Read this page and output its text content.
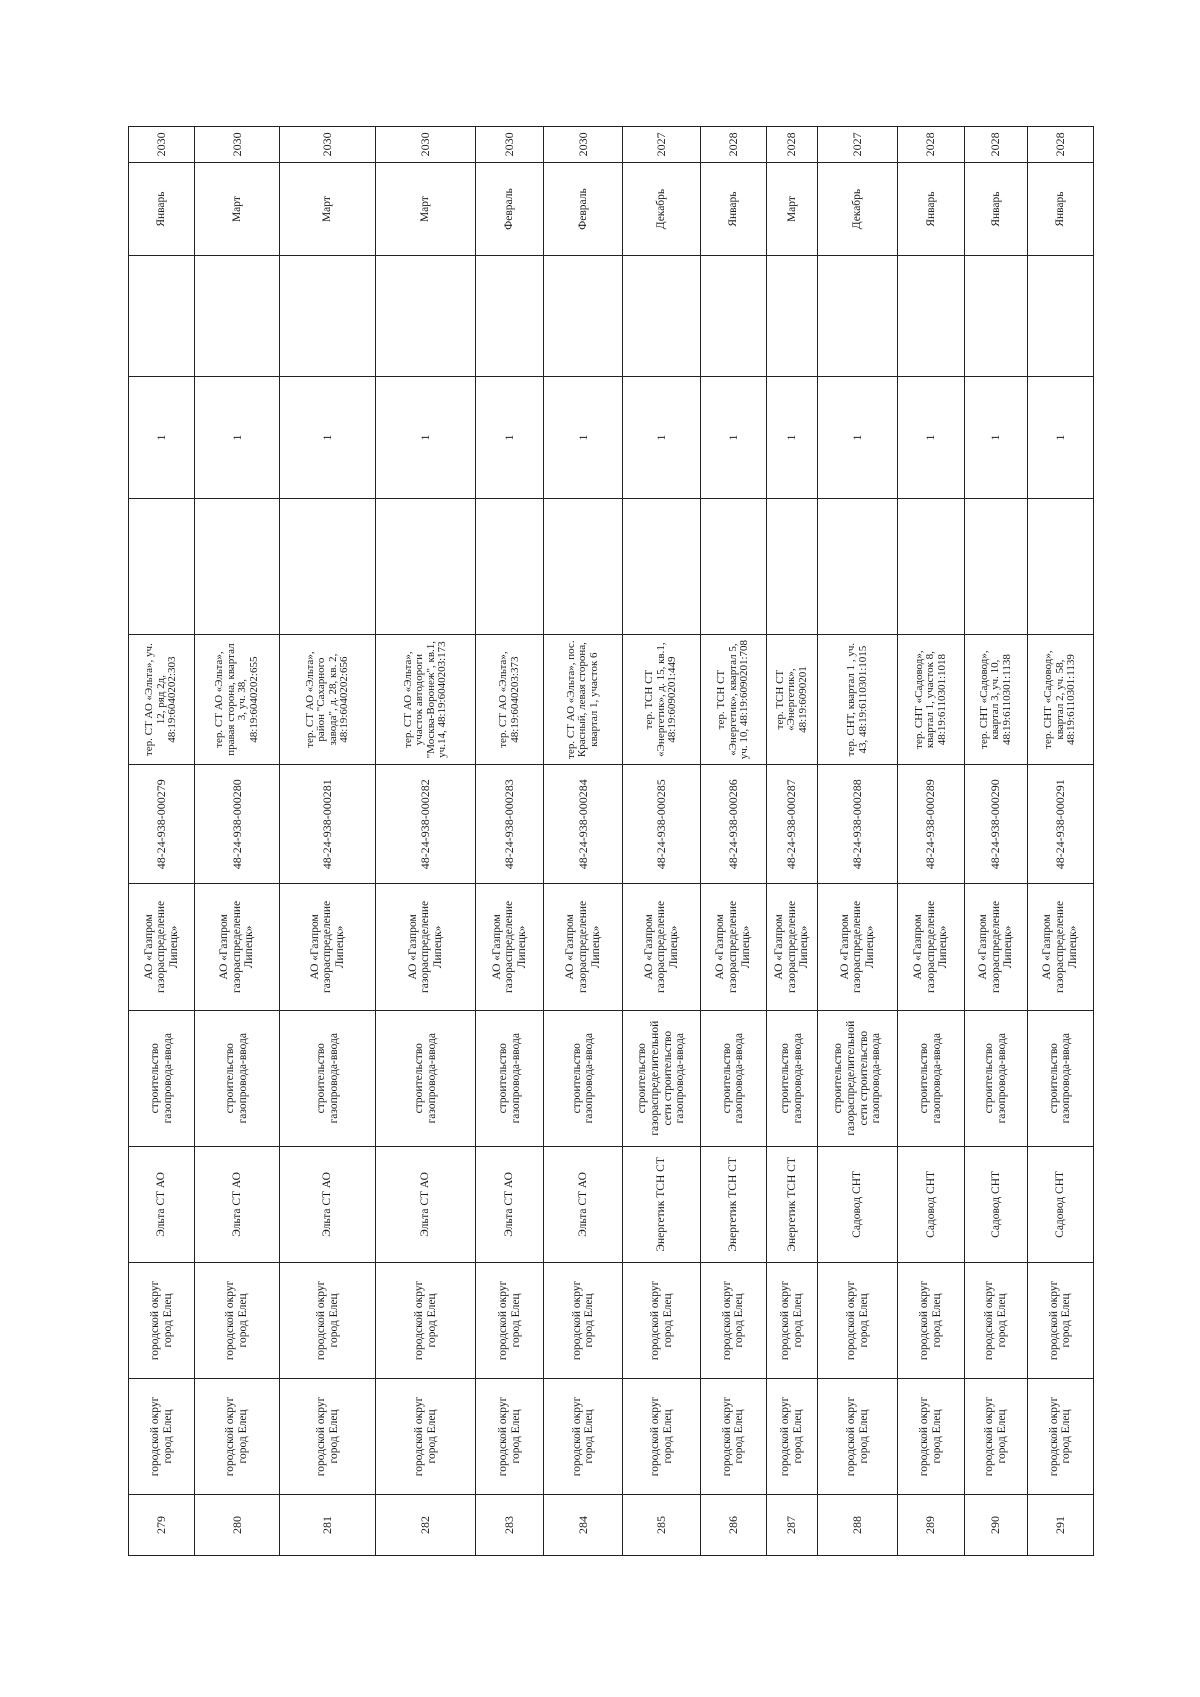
279	городской округ город Елец	городской округ город Елец	Эльта СТ АО	строительство газопровода-ввода	АО «Газпром газораспределение Липецк»	48-24-938-000279	тер. СТ АО «Эльта», уч. 12, ряд 2д, 48:19:6040202:303		1		Январь	2030
280	городской округ город Елец	городской округ город Елец	Эльта СТ АО	строительство газопровода-ввода	АО «Газпром газораспределение Липецк»	48-24-938-000280	тер. СТ АО «Эльта», правая сторона, квартал 3, уч. 38, 48:19:6040202:655		1		Март	2030
281	городской округ город Елец	городской округ город Елец	Эльта СТ АО	строительство газопровода-ввода	АО «Газпром газораспределение Липецк»	48-24-938-000281	тер. СТ АО «Эльта», район "Сахарного завода", д. 28, кв. 2, 48:19:6040202:656		1		Март	2030
282	городской округ город Елец	городской округ город Елец	Эльта СТ АО	строительство газопровода-ввода	АО «Газпром газораспределение Липецк»	48-24-938-000282	тер. СТ АО «Эльта», участок автодороги "Москва-Воронеж", кв.1, уч.14, 48:19:6040203:173		1		Март	2030
283	городской округ город Елец	городской округ город Елец	Эльта СТ АО	строительство газопровода-ввода	АО «Газпром газораспределение Липецк»	48-24-938-000283	тер. СТ АО «Эльта», 48:19:6040203:373		1		Февраль	2030
284	городской округ город Елец	городской округ город Елец	Эльта СТ АО	строительство газопровода-ввода	АО «Газпром газораспределение Липецк»	48-24-938-000284	тер. СТ АО «Эльта», пос. Красный, левая сторона, квартал 1, участок 6		1		Февраль	2030
285	городской округ город Елец	городской округ город Елец	Энергетик ТСН СТ	строительство газораспределительной сети строительство газопровода-ввода	АО «Газпром газораспределение Липецк»	48-24-938-000285	тер. ТСН СТ «Энергетик», д. 15, кв.1, 48:19:6090201:449		1		Декабрь	2027
286	городской округ город Елец	городской округ город Елец	Энергетик ТСН СТ	строительство газопровода-ввода	АО «Газпром газораспределение Липецк»	48-24-938-000286	тер. ТСН СТ «Энергетик», квартал 5, уч. 10, 48:19:6090201:708		1		Январь	2028
287	городской округ город Елец	городской округ город Елец	Энергетик ТСН СТ	строительство газопровода-ввода	АО «Газпром газораспределение Липецк»	48-24-938-000287	тер. ТСН СТ «Энергетик», 48:19:6090201		1		Март	2028
288	городской округ город Елец	городской округ город Елец	Садовод СНТ	строительство газораспределительной сети строительство газопровода-ввода	АО «Газпром газораспределение Липецк»	48-24-938-000288	тер. СНТ, квартал 1 , уч. 43, 48:19:6110301:1015		1		Декабрь	2027
289	городской округ город Елец	городской округ город Елец	Садовод СНТ	строительство газопровода-ввода	АО «Газпром газораспределение Липецк»	48-24-938-000289	тер. СНТ «Садовод», квартал 1, участок 8, 48:19:6110301:1018		1		Январь	2028
290	городской округ город Елец	городской округ город Елец	Садовод СНТ	строительство газопровода-ввода	АО «Газпром газораспределение Липецк»	48-24-938-000290	тер. СНТ «Садовод», квартал 3, уч. 10, 48:19:6110301:1138		1		Январь	2028
291	городской округ город Елец	городской округ город Елец	Садовод СНТ	строительство газопровода-ввода	АО «Газпром газораспределение Липецк»	48-24-938-000291	тер. СНТ «Садовод», квартал 2, уч. 58, 48:19:6110301:1139		1		Январь	2028
